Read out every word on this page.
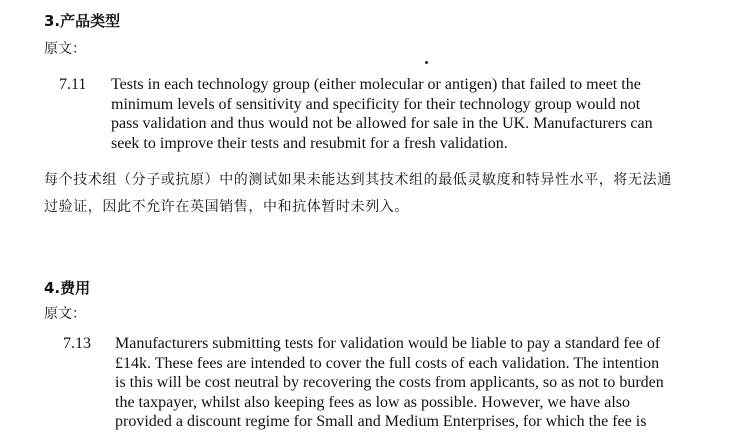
3.产品类型
原文：
7.11 Tests in each technology group (either molecular or antigen) that failed to meet the
minimum levels of sensitivity and specificity for their technology group would not
pass validation and thus would not be allowed for sale in the UK. Manufacturers can
seek to improve their tests and resubmit for a fresh validation.
每个技术组（分子或抗原）中的测试如果未能达到其技术组的最低灵敏度和特异性水平，将无法通
过验证，因此不允许在英国销售，中和抗体暂时未列入。
4.费用
原文：
7.13 Manufacturers submitting tests for validation would be liable to pay a standard fee of
£14k. These fees are intended to cover the full costs of each validation. The intention
is this will be cost neutral by recovering the costs from applicants, so as not to burden
the taxpayer, whilst also keeping fees as low as possible. However, we have also
provided a discount regime for Small and Medium Enterprises, for which the fee is
